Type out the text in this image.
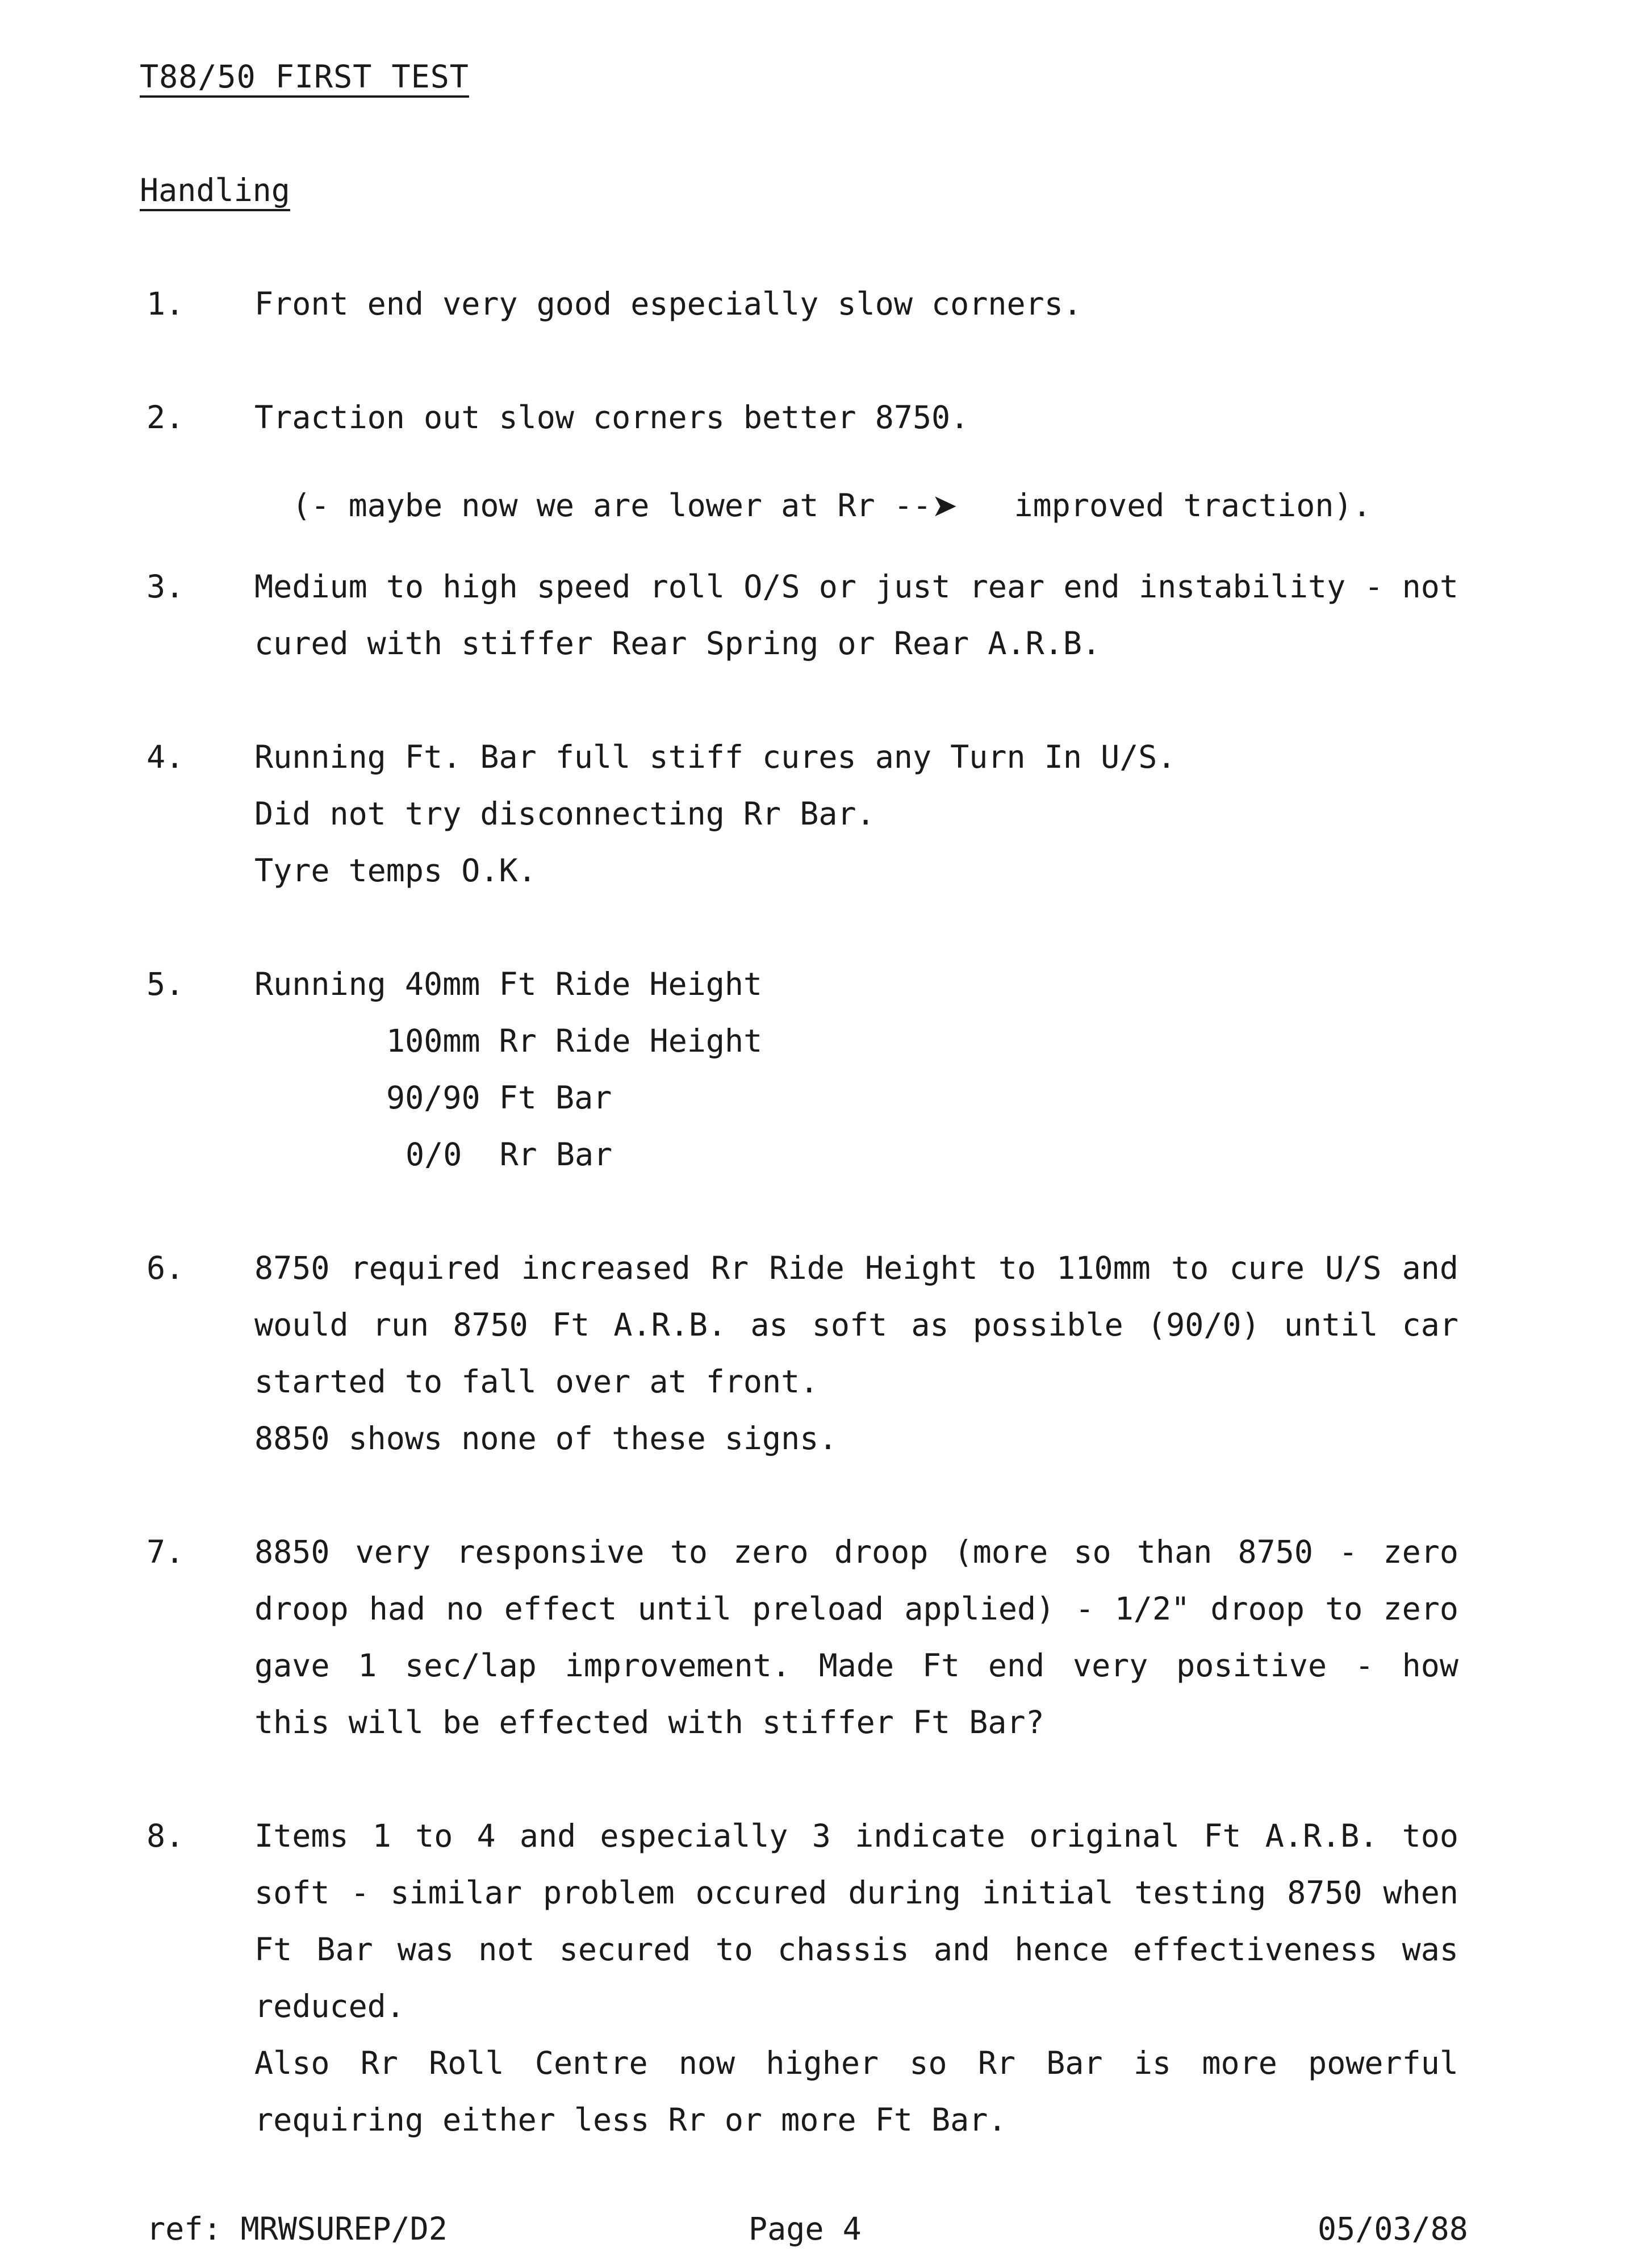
T88/50 FIRST TEST
Handling
1. Front end very good especially slow corners.
2. Traction out slow corners better 8750.

(- maybe now we are lower at Rr --➤ improved traction).

3. Medium to high speed roll O/S or just rear end instability - not
cured with stiffer Rear Spring or Rear A.R.B.
4. Running Ft. Bar full stiff cures any Turn In U/S.
Did not try disconnecting Rr Bar.
Tyre temps O.K.
5. Running 40mm Ft Ride Height
100mm Rr Ride Height
90/90 Ft Bar
0/0  Rr Bar
6. 8750 required increased Rr Ride Height to 110mm to cure U/S and
would run 8750 Ft A.R.B. as soft as possible (90/0) until car
started to fall over at front.
8850 shows none of these signs.
7. 8850 very responsive to zero droop (more so than 8750 - zero
droop had no effect until preload applied) - 1/2" droop to zero
gave 1 sec/lap improvement. Made Ft end very positive - how
this will be effected with stiffer Ft Bar?
8. Items 1 to 4 and especially 3 indicate original Ft A.R.B. too
soft - similar problem occured during initial testing 8750 when
Ft Bar was not secured to chassis and hence effectiveness was
reduced.
Also Rr Roll Centre now higher so Rr Bar is more powerful
requiring either less Rr or more Ft Bar.
ref: MRWSUREP/D2	Page 4	05/03/88
